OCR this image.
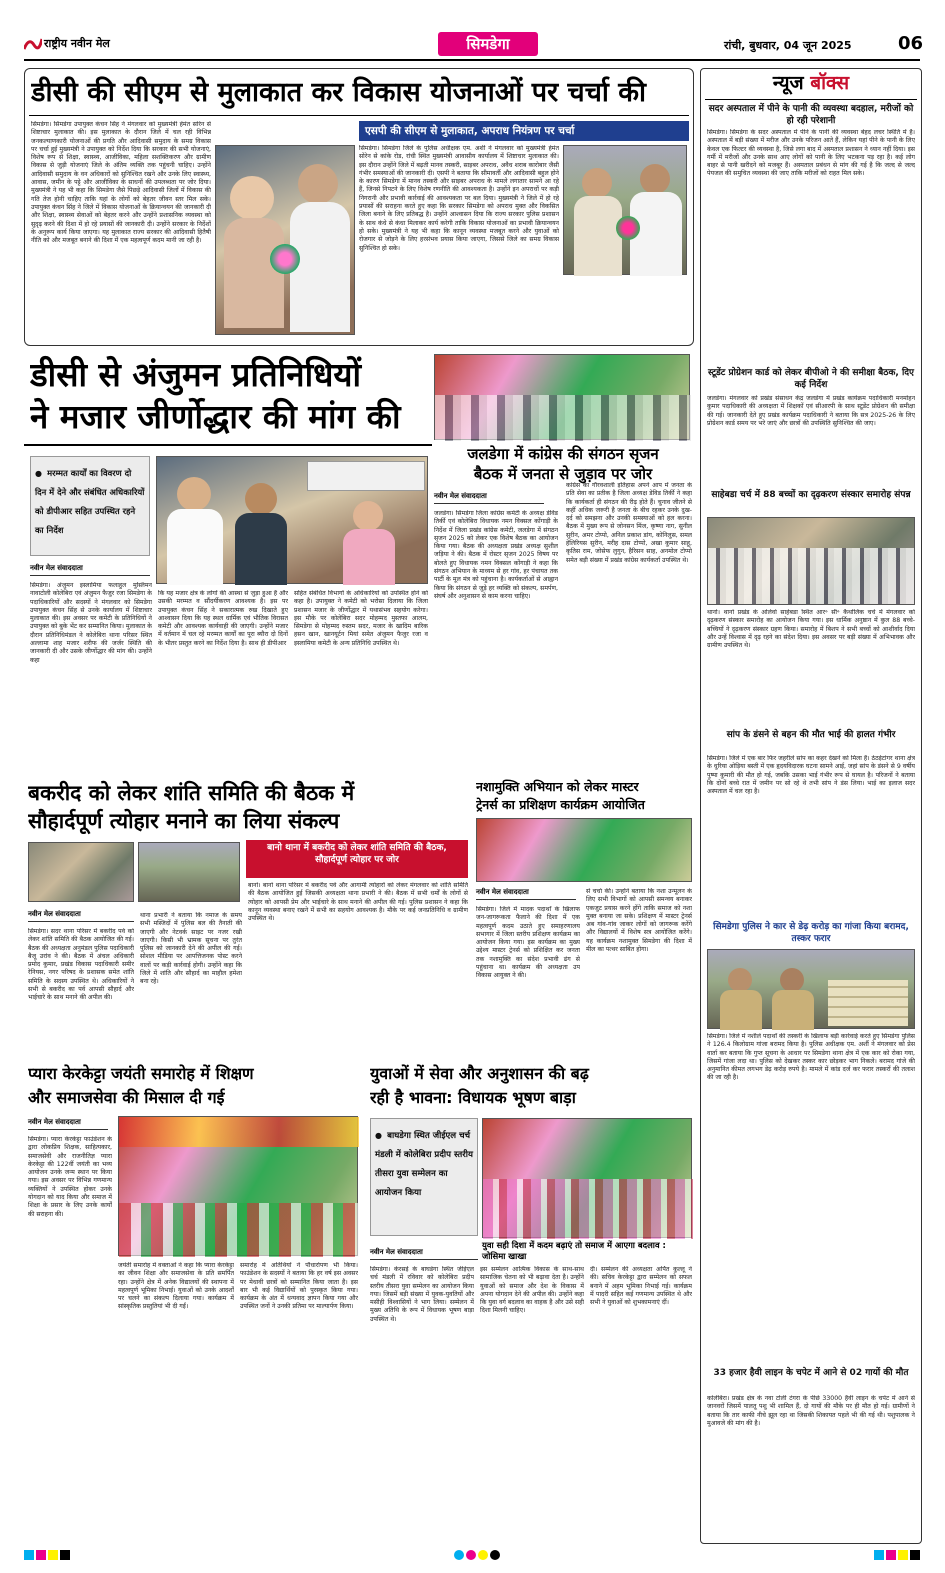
राष्ट्रीय नवीन मेल	सिमडेगा	रांची, बुधवार, 04 जून 2025	06
डीसी की सीएम से मुलाकात कर विकास योजनाओं पर चर्चा की
सिमडेगा। सिमडेगा उपायुक्त कंचन सिंह ने मंगलवार को मुख्यमंत्री हेमंत सोरेन से शिष्टाचार मुलाकात की। इस मुलाकात के दौरान जिले में चल रही विभिन्न जनकल्याणकारी योजनाओं की प्रगति और आदिवासी समुदाय के समग्र विकास पर चर्चा हुई मुख्यमंत्री ने उपायुक्त को निर्देश दिया कि सरकार की सभी योजनाएं, विशेष रूप से शिक्षा, स्वास्थ्य, आजीविका, महिला सशक्तिकरण और ग्रामीण विकास से जुड़ी योजनाएं जिले के अंतिम व्यक्ति तक पहुंचनी चाहिए। उन्होंने आदिवासी समुदाय के वन अधिकारों को सुनिश्चित रखने और उनके लिए स्वास्थ्य, आवास, जमीन के पट्टे और आजीविका के साधनों की उपलब्धता पर जोर दिया। मुख्यमंत्री ने यह भी कहा कि सिमडेगा जैसे पिछड़े आदिवासी जिलों में विकास की गति तेज होनी चाहिए ताकि यहां के लोगों को बेहतर जीवन स्तर मिल सके। उपायुक्त कंचन सिंह ने जिले में विकास योजनाओं के क्रियान्वयन की जानकारी दी और शिक्षा, स्वास्थ्य सेवाओं को बेहतर करने और उन्होंने प्रशासनिक व्यवस्था को सुदृढ़ करने की दिशा में हो रहे प्रयासों की जानकारी दी। उन्होंने सरकार के निर्देशों के अनुरूप कार्य किया जाएगा। यह मुलाकात राज्य सरकार की आदिवासी हितैषी नीति को और मजबूत बनाने की दिशा में एक महत्वपूर्ण कदम मानी जा रही है।
एसपी की सीएम से मुलाकात, अपराध नियंत्रण पर चर्चा
सिमडेगा। सिमडेगा जिले के पुलिस अधीक्षक एम. अर्शी ने मंगलवार को मुख्यमंत्री हेमंत सोरेन से कांके रोड, रांची स्थित मुख्यमंत्री आवासीय कार्यालय में शिष्टाचार मुलाकात की। इस दौरान उन्होंने जिले में बढ़ती मानव तस्करी, साइबर अपराध, अवैध शराब कारोबार जैसी गंभीर समस्याओं की जानकारी दी। एसपी ने बताया कि सीमावर्ती और आदिवासी बहुल होने के कारण सिमडेगा में मानव तस्करी और साइबर अपराध के मामले लगातार सामने आ रहे हैं, जिनसे निपटने के लिए विशेष रणनीति की आवश्यकता है। उन्होंने इन अपराधों पर कड़ी निगरानी और प्रभावी कार्रवाई की आवश्यकता पर बल दिया। मुख्यमंत्री ने जिले में हो रहे प्रयासों की सराहना करते हुए कहा कि सरकार सिमडेगा को अपराध मुक्त और विकसित जिला बनाने के लिए प्रतिबद्ध है। उन्होंने आश्वासन दिया कि राज्य सरकार पुलिस प्रशासन के साथ कंधे से कंधा मिलाकर कार्य करेगी ताकि विकास योजनाओं का प्रभावी क्रियान्वयन हो सके। मुख्यमंत्री ने यह भी कहा कि कानून व्यवस्था मजबूत करने और युवाओं को रोजगार से जोड़ने के लिए हरसंभव प्रयास किया जाएगा, जिससे जिले का समग्र विकास सुनिश्चित हो सके।
डीसी से अंजुमन प्रतिनिधियों
ने मजार जीर्णोद्धार की मांग की
● मरम्मत कार्यों का विवरण दो दिन में देने और संबंधित अधिकारियों को डीपीआर सहित उपस्थित रहने का निर्देश
नवीन मेल संवाददाता
सिमडेगा। अंजुमन इस्लामिया फलाहुल मुस्लिमन नावाटोली कोलेबिरा एवं अंजुमन फैजुर रजा सिमडेगा के पदाधिकारियों और सदस्यों ने मंगलवार को सिमडेगा उपायुक्त कंचन सिंह से उनके कार्यालय में शिष्टाचार मुलाकात की। इस अवसर पर कमेटी के प्रतिनिधियों ने उपायुक्त को बुके भेंट कर सम्मानित किया। मुलाकात के दौरान प्रतिनिधिमंडल ने कोलेबिरा थाना परिसर स्थित अल्लामा शाह मजार शरीफ की जर्जर स्थिति की जानकारी दी और उसके जीर्णोद्धार की मांग की। उन्होंने कहा
कि यह मजार क्षेत्र के लोगों की आस्था से जुड़ा हुआ है और उसकी मरम्मत व सौंदर्यीकरण आवश्यक है। इस पर उपायुक्त कंचन सिंह ने सकारात्मक रुख दिखाते हुए आश्वासन दिया कि यह स्थल धार्मिक एवं भौतिक विरासत कमेटी और आवश्यक कार्यवाही की जाएगी। उन्होंने मजार में वर्तमान में चल रहे मरम्मत कार्यों का पूरा ब्यौरा दो दिनों के भीतर प्रस्तुत करने का निर्देश दिया है। साथ ही डीपीआर
सहित संबंधित विभागों के अधिकारियों को उपस्थित होने को कहा है। उपायुक्त ने कमेटी को भरोसा दिलाया कि जिला प्रशासन मजार के जीर्णोद्धार में यथासंभव सहयोग करेगा। इस मौके पर कोलेबिरा सदर मोहम्मद मुस्तफा आलम, सिमडेगा से मोहम्मद रुस्तम सदर, मजार के खादिम बारिक हसन खान, खानयूर्टन मियां समेत अंजुमन फैजुर रजा व इस्लामिया कमेटी के अन्य प्रतिनिधि उपस्थित थे।
जलडेगा में कांग्रेस की संगठन सृजन
बैठक में जनता से जुड़ाव पर जोर
नवीन मेल संवाददाता
जलडेगा। सिमडेगा जिला कांग्रेस कमेटी के अध्यक्ष डेविड तिर्की एवं कोलेबिरा विधायक नमन विक्सल कोंगाड़ी के निर्देश में जिला प्रखंड कांग्रेस कमेटी, जलडेगा में संगठन सृजन 2025 को लेकर एक विशेष बैठक का आयोजन किया गया। बैठक की अध्यक्षता प्रखंड अध्यक्ष सुशील जड़िया ने की। बैठक में रोस्टर सृजन 2025 विषय पर बोलते हुए विधायक नमन विक्सल कोंगाड़ी ने कहा कि संगठन अभियान के माध्यम से हर गांव, हर पंचायत तक पार्टी के मूल मंत्र को पहुंचाना है। कार्यकर्ताओं से आह्वान किया कि संगठन से जुड़े हर व्यक्ति को संकल्प, समर्पण, संघर्ष और अनुशासन से काम करना चाहिए।
कांग्रेस का गौरवशाली इतिहास अपने आप में जनता के प्रति सेवा का प्रतीक है जिला अध्यक्ष डेविड तिर्की ने कहा कि कार्यकर्ता ही संगठन की रीढ़ होते हैं। चुनाव जीतने से कहीं अधिक जरूरी है जनता के बीच रहकर उनके दुख-दर्द को समझना और उनकी समस्याओं को हल करना। बैठक में मुख्य रूप से जोनसन मिंज, कृष्णा नाग, सुनील सुरीन, अमर टोप्पो, अनिल प्रकाश डांग, कोनिलुस, समल हेलिरियस सुरीन, मरीह दास टोप्पो, अखा कुमार साहू, कृतिस राम, जोसेफ लुगुन, हैरिसन साह, अनमोल टोप्पो समेत बड़ी संख्या में प्रखंड कांग्रेस कार्यकर्ता उपस्थित थे।
बकरीद को लेकर शांति समिति की बैठक में
सौहार्दपूर्ण त्योहार मनाने का लिया संकल्प
बानो थाना में बकरीद को लेकर शांति समिति की बैठक, सौहार्दपूर्ण त्योहार पर जोर
नवीन मेल संवाददाता
सिमडेगा। सदर थाना परिसर में बकरीद पर्व को लेकर शांति समिति की बैठक आयोजित की गई। बैठक की अध्यक्षता अनुमंडल पुलिस पदाधिकारी बैजू उरांव ने की। बैठक में अंचल अधिकारी प्रमोद कुमार, प्रखंड विकास पदाधिकारी समीर रेनियस, नगर परिषद के प्रशासक समेत शांति समिति के सदस्य उपस्थित थे। अधिकारियों ने सभी से बकरीद का पर्व आपसी सौहार्द और भाईचारे के साथ मनाने की अपील की।
थाना प्रभारी ने बताया कि नमाज के समय सभी मस्जिदों में पुलिस बल की तैनाती की जाएगी और नेटवर्क साइट पर नजर रखी जाएगी। किसी भी भ्रामक सूचना पर तुरंत पुलिस को जानकारी देने की अपील की गई। सोशल मीडिया पर आपत्तिजनक पोस्ट करने वालों पर कड़ी कार्रवाई होगी। उन्होंने कहा कि जिले में शांति और सौहार्द का माहौल हमेशा बना रहे।
बानो। बानो थाना परिसर में बकरीद पर्व और आगामी त्योहारों को लेकर मंगलवार को शांति समिति की बैठक आयोजित हुई जिसकी अध्यक्षता थाना प्रभारी ने की। बैठक में सभी धर्मों के लोगों से त्योहार को आपसी प्रेम और भाईचारे के साथ मनाने की अपील की गई। पुलिस प्रशासन ने कहा कि कानून व्यवस्था बनाए रखने में सभी का सहयोग आवश्यक है। मौके पर कई जनप्रतिनिधि व ग्रामीण उपस्थित थे।
नशामुक्ति अभियान को लेकर मास्टर
ट्रेनर्स का प्रशिक्षण कार्यक्रम आयोजित
नवीन मेल संवाददाता
सिमडेगा। जिले में मादक पदार्थों के खिलाफ जन-जागरूकता फैलाने की दिशा में एक महत्वपूर्ण कदम उठाते हुए समाहरणालय सभागार में जिला स्तरीय प्रशिक्षण कार्यक्रम का आयोजन किया गया। इस कार्यक्रम का मुख्य उद्देश्य मास्टर ट्रेनर्स को प्रशिक्षित कर जनता तक नशामुक्ति का संदेश प्रभावी ढंग से पहुंचाना था। कार्यक्रम की अध्यक्षता उप विकास आयुक्त ने की।
से चर्चा की। उन्होंने बताया कि नशा उन्मूलन के लिए सभी विभागों को आपसी समन्वय बनाकर एकजुट प्रयास करने होंगे ताकि समाज को नशा मुक्त बनाया जा सके। प्रशिक्षण में मास्टर ट्रेनर्स अब गांव-गांव जाकर लोगों को जागरूक करेंगे और विद्यालयों में विशेष सत्र आयोजित करेंगे। यह कार्यक्रम नशामुक्त सिमडेगा की दिशा में मील का पत्थर साबित होगा।
प्यारा केरकेट्टा जयंती समारोह में शिक्षण
और समाजसेवा की मिसाल दी गई
नवीन मेल संवाददाता
सिमडेगा। प्यारा केरकेट्टा फाउंडेशन के द्वारा लोकप्रिय शिक्षक, साहित्यकार, समाजसेवी और राजनीतिज्ञ प्यारा केरकेट्टा की 122वीं जयंती का भव्य आयोजन उनके जन्म स्थान पर किया गया। इस अवसर पर विभिन्न गणमान्य व्यक्तियों ने उपस्थित होकर उनके योगदान को याद किया और समाज में शिक्षा के प्रसार के लिए उनके कार्यों की सराहना की।
जयंती समारोह में वक्ताओं ने कहा कि प्यारा केरकेट्टा का जीवन शिक्षा और समाजसेवा के प्रति समर्पित रहा। उन्होंने क्षेत्र में अनेक विद्यालयों की स्थापना में महत्वपूर्ण भूमिका निभाई। युवाओं को उनके आदर्शों पर चलने का संकल्प दिलाया गया। कार्यक्रम में सांस्कृतिक प्रस्तुतियां भी दी गईं।
समारोह में अतिथियों ने पौधारोपण भी किया। फाउंडेशन के सदस्यों ने बताया कि हर वर्ष इस अवसर पर मेधावी छात्रों को सम्मानित किया जाता है। इस बार भी कई विद्यार्थियों को पुरस्कृत किया गया। कार्यक्रम के अंत में धन्यवाद ज्ञापन किया गया और उपस्थित जनों ने उनकी प्रतिमा पर माल्यार्पण किया।
युवाओं में सेवा और अनुशासन की बढ़
रही है भावना: विधायक भूषण बाड़ा
● बाघडेगा स्थित जीईएल चर्च मंडली में कोलेबिरा प्रदीप स्तरीय तीसरा युवा सम्मेलन का आयोजन किया
युवा सही दिशा में कदम बढ़ाएं तो समाज में आएगा बदलाव : जोसिमा खाखा
नवीन मेल संवाददाता
सिमडेगा। केरसई के बाघडेगा स्थित जीईएल चर्च मंडली में रविवार को कोलेबिरा प्रदीप स्तरीय तीसरा युवा सम्मेलन का आयोजन किया गया। जिसमें बड़ी संख्या में युवक-युवतियों और मसीही विश्वासियों ने भाग लिया। सम्मेलन में मुख्य अतिथि के रूप में विधायक भूषण बाड़ा उपस्थित थे।
इस सम्मेलन आत्मिक विकास के साथ-साथ सामाजिक चेतना को भी बढ़ावा देता है। उन्होंने युवाओं को समाज और देश के विकास में अपना योगदान देने की अपील की। उन्होंने कहा कि युवा वर्ग बदलाव का वाहक है और उसे सही दिशा मिलनी चाहिए।
दी। सम्मेलन की अध्यक्षता अर्पित कुल्लू ने की। सचिव केरकेट्टा द्वारा सम्मेलन को सफल बनाने में अहम भूमिका निभाई गई। कार्यक्रम में पादरी सहित कई गणमान्य उपस्थित थे और सभी ने युवाओं को शुभकामनाएं दीं।
न्यूज बॉक्स
सदर अस्पताल में पीने के पानी की व्यवस्था बदहाल, मरीजों को हो रही परेशानी
सिमडेगा। सिमडेगा के सदर अस्पताल में पीने के पानी की व्यवस्था बेहद लचर स्थिति में है। अस्पताल में बड़ी संख्या में मरीज और उनके परिजन आते हैं, लेकिन यहां पीने के पानी के लिए केवल एक फिल्टर की व्यवस्था है, जिसे लगा बाद में अस्पताल प्रशासन ने ध्यान नहीं दिया। इस गर्मी में मरीजों और उनके साथ आए लोगों को पानी के लिए भटकना पड़ रहा है। कई लोग बाहर से पानी खरीदने को मजबूर हैं। अस्पताल प्रबंधन से मांग की गई है कि जल्द से जल्द पेयजल की समुचित व्यवस्था की जाए ताकि मरीजों को राहत मिल सके।
स्टूडेंट प्रोग्रेशन कार्ड को लेकर बीपीओ ने की समीक्षा बैठक, दिए कई निर्देश
जलडेगा। मंगलवार को प्रखंड संसाधन केंद्र जलडेगा में प्रखंड कार्यक्रम पदाधिकारी मनमोहन कुमार पदाधिकारी की अध्यक्षता में शिक्षकों एवं सीआरपी के साथ स्टूडेंट प्रोग्रेशन की समीक्षा की गई। जानकारी देते हुए प्रखंड कार्यक्रम पदाधिकारी ने बताया कि सत्र 2025-26 के लिए प्रोग्रेशन कार्ड समय पर भरे जाएं और छात्रों की उपस्थिति सुनिश्चित की जाए।
साहेबडा चर्च में 88 बच्चों का दृढ़करण संस्कार समारोह संपन्न
थानो। थानो प्रखंड के ओलेवो साहेबडा स्थित आर॰ सी॰ कैथोलिक चर्च में मंगलवार को दृढ़करण संस्कार समारोह का आयोजन किया गया। इस धार्मिक अनुष्ठान में कुल 88 बच्चे-बच्चियों ने दृढ़करण संस्कार ग्रहण किया। समारोह में बिशप ने सभी बच्चों को आशीर्वाद दिया और उन्हें विश्वास में दृढ़ रहने का संदेश दिया। इस अवसर पर बड़ी संख्या में अभिभावक और ग्रामीण उपस्थित थे।
सांप के डंसने से बहन की मौत भाई की हालत गंभीर
सिमडेगा। जिले में एक बार फिर जहरीले सांप का कहर देखने को मिला है। ठेठईटांगर थाना क्षेत्र के धुरिया ओड़िया बस्ती में एक हृदयविदारक घटना सामने आई, जहां सांप के डंसने से 9 वर्षीय पुष्पा कुमारी की मौत हो गई, जबकि उसका भाई गंभीर रूप से घायल है। परिजनों ने बताया कि दोनों बच्चे रात में जमीन पर सो रहे थे तभी सांप ने डंस लिया। भाई का इलाज सदर अस्पताल में चल रहा है।
सिमडेगा पुलिस ने कार से डेढ़ करोड़ का गांजा किया बरामद, तस्कर फरार
सिमडेगा। जिले में नशीले पदार्थों की तस्करी के खिलाफ बड़ी कार्रवाई करते हुए सिमडेगा पुलिस ने 126.4 किलोग्राम गांजा बरामद किया है। पुलिस अधीक्षक एम. अर्शी ने मंगलवार को प्रेस वार्ता कर बताया कि गुप्त सूचना के आधार पर सिमडेगा थाना क्षेत्र में एक कार को रोका गया, जिसमें गांजा लदा था। पुलिस को देखकर तस्कर कार छोड़कर भाग निकले। बरामद गांजे की अनुमानित कीमत लगभग डेढ़ करोड़ रुपये है। मामले में कांड दर्ज कर फरार तस्करों की तलाश की जा रही है।
33 हजार हैवी लाइन के चपेट में आने से 02 गायों की मौत
कोलेबिरा। प्रखंड क्षेत्र के नवा टोली टंगरा के पीछे 33000 हैवी लाइन के चपेट में आने से जानवरों जिसमें पालतू पशु भी शामिल हैं, दो गायों की मौके पर ही मौत हो गई। ग्रामीणों ने बताया कि तार काफी नीचे झूल रहा था जिसकी शिकायत पहले भी की गई थी। पशुपालक ने मुआवजे की मांग की है।
